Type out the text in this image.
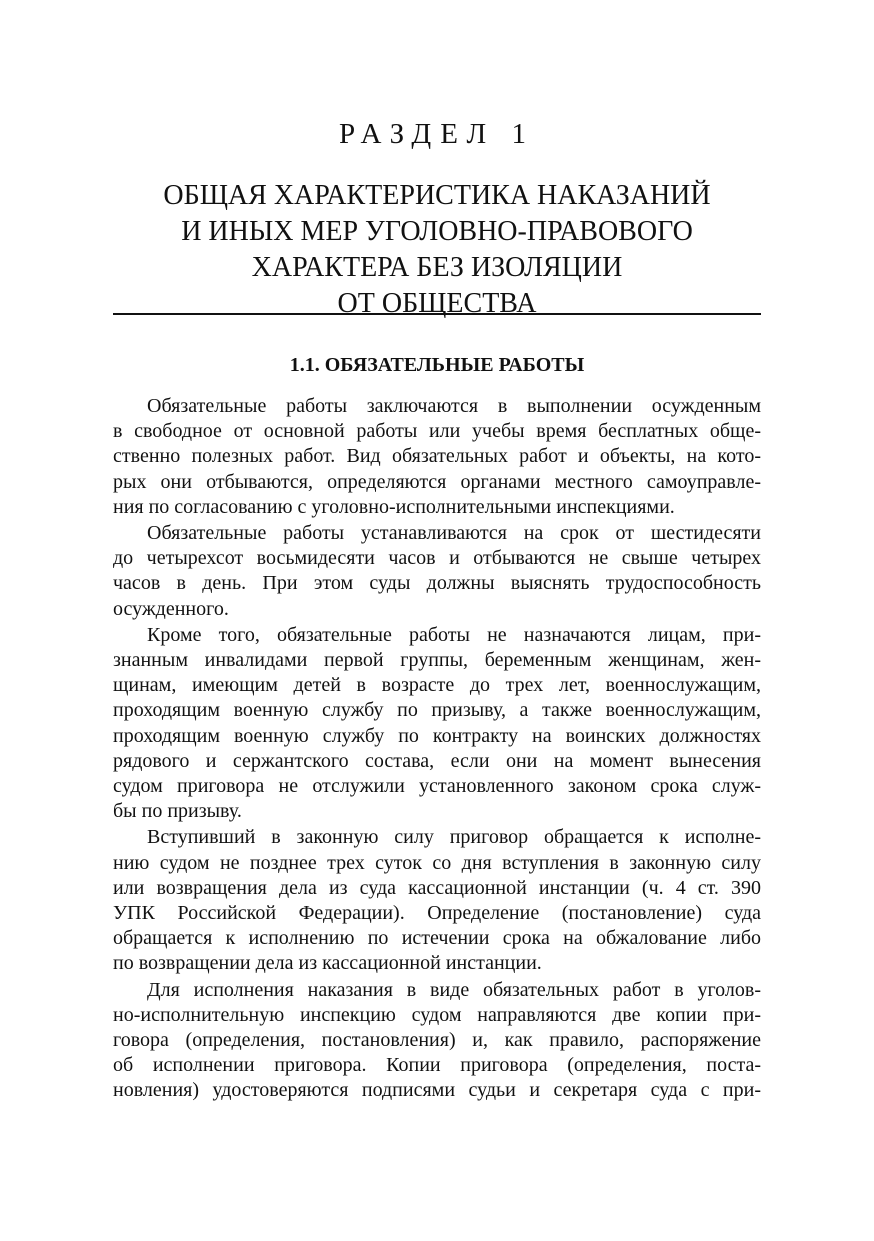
РАЗДЕЛ 1
ОБЩАЯ ХАРАКТЕРИСТИКА НАКАЗАНИЙ
И ИНЫХ МЕР УГОЛОВНО-ПРАВОВОГО
ХАРАКТЕРА БЕЗ ИЗОЛЯЦИИ
ОТ ОБЩЕСТВА
1.1. ОБЯЗАТЕЛЬНЫЕ РАБОТЫ
Обязательные работы заключаются в выполнении осужденным
в свободное от основной работы или учебы время бесплатных обще-
ственно полезных работ. Вид обязательных работ и объекты, на кото-
рых они отбываются, определяются органами местного самоуправле-
ния по согласованию с уголовно-исполнительными инспекциями.
Обязательные работы устанавливаются на срок от шестидесяти
до четырехсот восьмидесяти часов и отбываются не свыше четырех
часов в день. При этом суды должны выяснять трудоспособность
осужденного.
Кроме того, обязательные работы не назначаются лицам, при-
знанным инвалидами первой группы, беременным женщинам, жен-
щинам, имеющим детей в возрасте до трех лет, военнослужащим,
проходящим военную службу по призыву, а также военнослужащим,
проходящим военную службу по контракту на воинских должностях
рядового и сержантского состава, если они на момент вынесения
судом приговора не отслужили установленного законом срока служ-
бы по призыву.
Вступивший в законную силу приговор обращается к исполне-
нию судом не позднее трех суток со дня вступления в законную силу
или возвращения дела из суда кассационной инстанции (ч. 4 ст. 390
УПК Российской Федерации). Определение (постановление) суда
обращается к исполнению по истечении срока на обжалование либо
по возвращении дела из кассационной инстанции.
Для исполнения наказания в виде обязательных работ в уголов-
но-исполнительную инспекцию судом направляются две копии при-
говора (определения, постановления) и, как правило, распоряжение
об исполнении приговора. Копии приговора (определения, поста-
новления) удостоверяются подписями судьи и секретаря суда с при-
